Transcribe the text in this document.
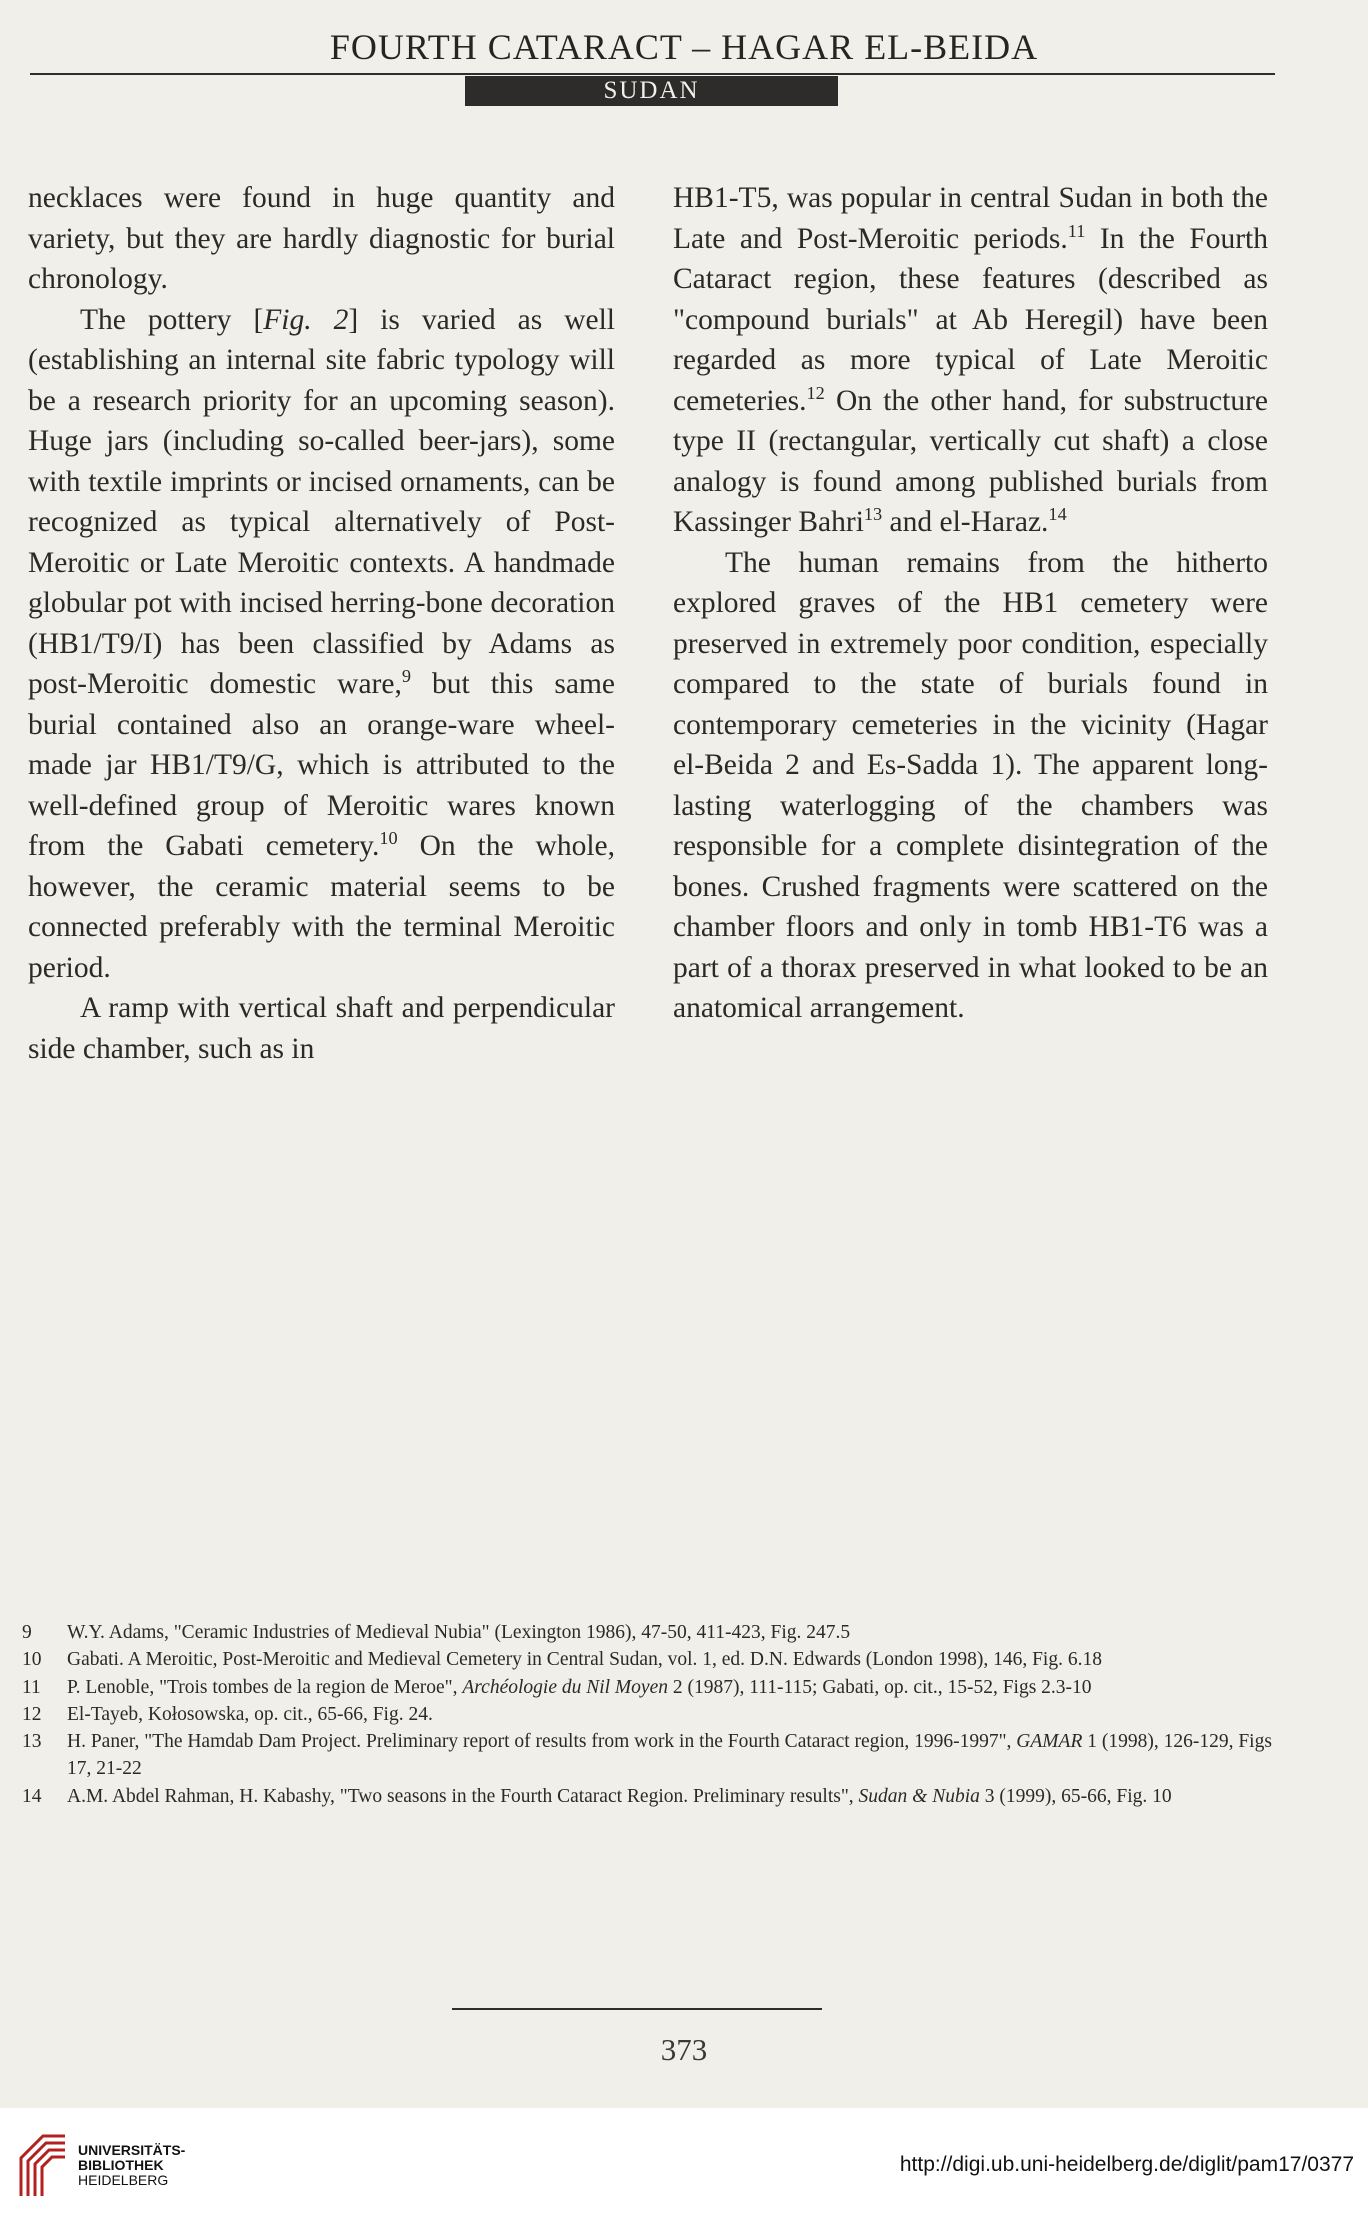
FOURTH CATARACT – HAGAR EL-BEIDA
SUDAN

necklaces were found in huge quantity and variety, but they are hardly diagnostic for burial chronology.

The pottery [Fig. 2] is varied as well (establishing an internal site fabric typology will be a research priority for an upcoming season). Huge jars (including so-called beer-jars), some with textile imprints or incised ornaments, can be recognized as typical alternatively of Post-Meroitic or Late Meroitic contexts. A handmade globular pot with incised herring-bone decoration (HB1/T9/I) has been classified by Adams as post-Meroitic domestic ware,$^9$ but this same burial contained also an orange-ware wheel-made jar HB1/T9/G, which is attributed to the well-defined group of Meroitic wares known from the Gabati cemetery.$^{10}$ On the whole, however, the ceramic material seems to be connected preferably with the terminal Meroitic period.

A ramp with vertical shaft and perpendicular side chamber, such as in

HB1-T5, was popular in central Sudan in both the Late and Post-Meroitic periods.$^{11}$ In the Fourth Cataract region, these features (described as "compound burials" at Ab Heregil) have been regarded as more typical of Late Meroitic cemeteries.$^{12}$ On the other hand, for substructure type II (rectangular, vertically cut shaft) a close analogy is found among published burials from Kassinger Bahri$^{13}$ and el-Haraz.$^{14}$

The human remains from the hitherto explored graves of the HB1 cemetery were preserved in extremely poor condition, especially compared to the state of burials found in contemporary cemeteries in the vicinity (Hagar el-Beida 2 and Es-Sadda 1). The apparent long-lasting waterlogging of the chambers was responsible for a complete disintegration of the bones. Crushed fragments were scattered on the chamber floors and only in tomb HB1-T6 was a part of a thorax preserved in what looked to be an anatomical arrangement.

9 W.Y. Adams, "Ceramic Industries of Medieval Nubia" (Lexington 1986), 47-50, 411-423, Fig. 247.5

10 Gabati. A Meroitic, Post-Meroitic and Medieval Cemetery in Central Sudan, vol. 1, ed. D.N. Edwards (London 1998), 146, Fig. 6.18

11 P. Lenoble, "Trois tombes de la region de Meroe", Archéologie du Nil Moyen 2 (1987), 111-115; Gabati, op. cit., 15-52, Figs 2.3-10

12 El-Tayeb, Kołosowska, op. cit., 65-66, Fig. 24.

13 H. Paner, "The Hamdab Dam Project. Preliminary report of results from work in the Fourth Cataract region, 1996-1997", GAMAR 1 (1998), 126-129, Figs 17, 21-22

14 A.M. Abdel Rahman, H. Kabashy, "Two seasons in the Fourth Cataract Region. Preliminary results", Sudan & Nubia 3 (1999), 65-66, Fig. 10

373
UNIVERSITÄTS-
BIBLIOTHEK
HEIDELBERG
http://digi.ub.uni-heidelberg.de/diglit/pam17/0377
